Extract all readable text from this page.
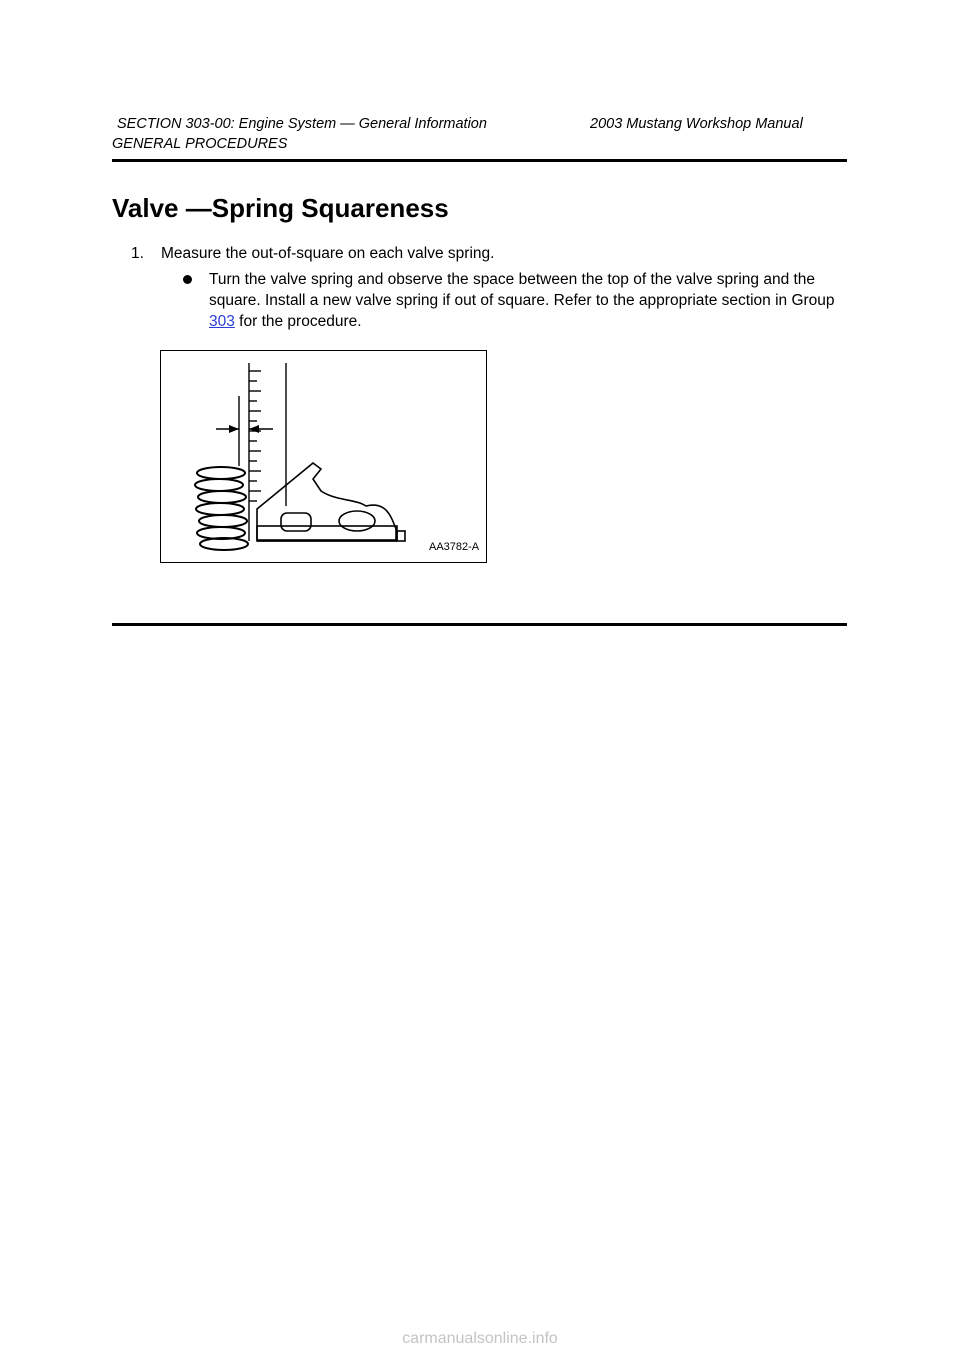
SECTION 303-00: Engine System — General Information	2003 Mustang Workshop Manual
GENERAL PROCEDURES
Valve —Spring Squareness
1. Measure the out-of-square on each valve spring.
Turn the valve spring and observe the space between the top of the valve spring and the square. Install a new valve spring if out of square. Refer to the appropriate section in Group 303 for the procedure.
AA3782-A
carmanualsonline.info
